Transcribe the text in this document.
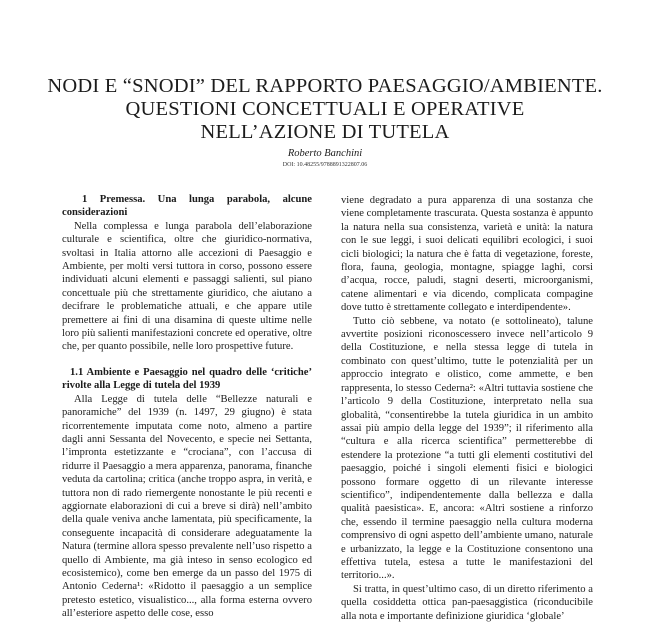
NODI E “SNODI” DEL RAPPORTO PAESAGGIO/AMBIENTE.
QUESTIONI CONCETTUALI E OPERATIVE
NELL’AZIONE DI TUTELA
Roberto Banchini
DOI: 10.48255/9788891322807.06

1 Premessa. Una lunga parabola, alcune considerazioni

Nella complessa e lunga parabola dell’elaborazione culturale e scientifica, oltre che giuridico-normativa, svoltasi in Italia attorno alle accezioni di Paesaggio e Ambiente, per molti versi tuttora in corso, possono essere individuati alcuni elementi e passaggi salienti, sul piano concettuale più che strettamente giuridico, che aiutano a decifrare le problematiche attuali, e che appare utile premettere ai fini di una disamina di queste ultime nelle loro più salienti manifestazioni concrete ed operative, oltre che, per quanto possibile, nelle loro prospettive future.

1.1 Ambiente e Paesaggio nel quadro delle ‘critiche’ rivolte alla Legge di tutela del 1939

Alla Legge di tutela delle “Bellezze naturali e panoramiche” del 1939 (n. 1497, 29 giugno) è stata ricorrentemente imputata come noto, almeno a partire dagli anni Sessanta del Novecento, e specie nei Settanta, l’impronta estetizzante e “crociana”, con l’accusa di ridurre il Paesaggio a mera apparenza, panorama, finanche veduta da cartolina; critica (anche troppo aspra, in verità, e tuttora non di rado riemergente nonostante le più recenti e aggiornate elaborazioni di cui a breve si dirà) nell’ambito della quale veniva anche lamentata, più specificamente, la conseguente incapacità di considerare adeguatamente la Natura (termine allora spesso prevalente nell’uso rispetto a quello di Ambiente, ma già inteso in senso ecologico ed ecosistemico), come ben emerge da un passo del 1975 di Antonio Cederna¹: «Ridotto il paesaggio a un semplice pretesto estetico, visualistico..., alla forma esterna ovvero all’esteriore aspetto delle cose, esso

viene degradato a pura apparenza di una sostanza che viene completamente trascurata. Questa sostanza è appunto la natura nella sua consistenza, varietà e unità: la natura con le sue leggi, i suoi delicati equilibri ecologici, i suoi cicli biologici; la natura che è fatta di vegetazione, foreste, flora, fauna, geologia, montagne, spiagge laghi, corsi d’acqua, rocce, paludi, stagni deserti, microorganismi, catene alimentari e via dicendo, complicata compagine dove tutto è strettamente collegato e interdipendente».

Tutto ciò sebbene, va notato (e sottolineato), talune avvertite posizioni riconoscessero invece nell’articolo 9 della Costituzione, e nella stessa legge di tutela in combinato con quest’ultimo, tutte le potenzialità per un approccio integrato e olistico, come ammette, e ben rappresenta, lo stesso Cederna²: «Altri tuttavia sostiene che l’articolo 9 della Costituzione, interpretato nella sua globalità, “consentirebbe la tutela giuridica in un ambito assai più ampio della legge del 1939”; il riferimento alla “cultura e alla ricerca scientifica” permetterebbe di estendere la protezione “a tutti gli elementi costitutivi del paesaggio, poiché i singoli elementi fisici e biologici possono formare oggetto di un rilevante interesse scientifico”, indipendentemente dalla bellezza e dalla qualità paesistica». E, ancora: «Altri sostiene a rinforzo che, essendo il termine paesaggio nella cultura moderna comprensivo di ogni aspetto dell’ambiente umano, naturale e urbanizzato, la legge e la Costituzione consentono una effettiva tutela, estesa a tutte le manifestazioni del territorio...».

Si tratta, in quest’ultimo caso, di un diretto riferimento a quella cosiddetta ottica pan-paesaggistica (riconducibile alla nota e importante definizione giuridica ‘globale’
